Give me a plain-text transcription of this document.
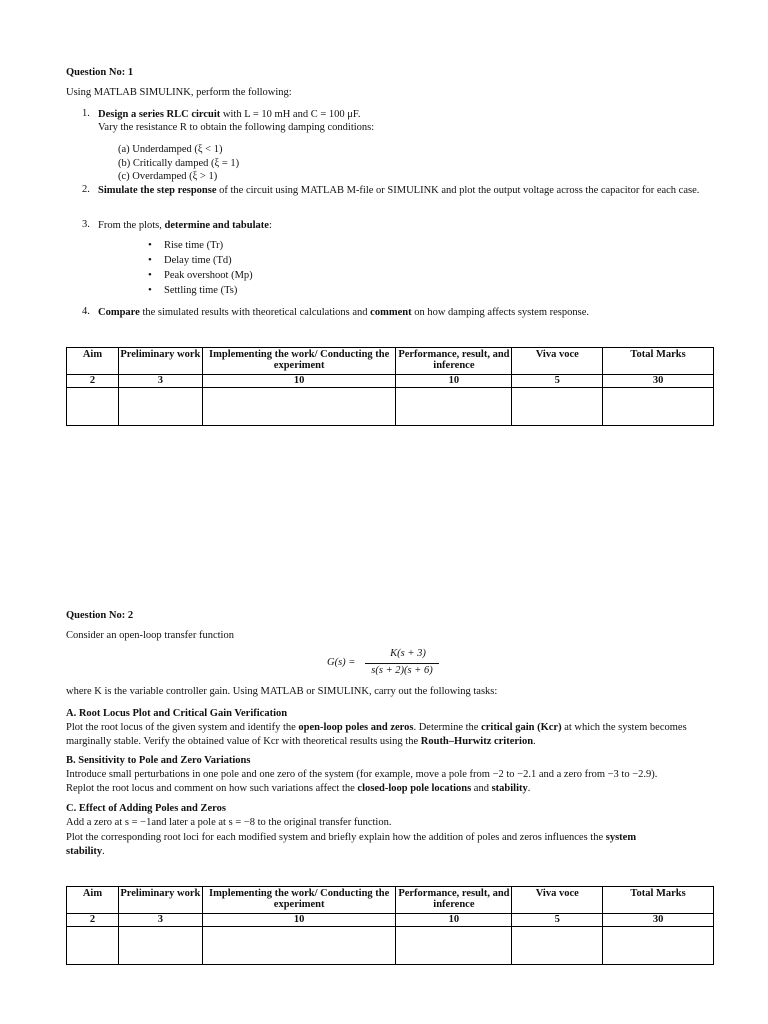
Question No: 1
Using MATLAB SIMULINK, perform the following:
1. Design a series RLC circuit with L = 10 mH and C = 100 μF.
Vary the resistance R to obtain the following damping conditions:
2. Simulate the step response of the circuit using MATLAB M-file or SIMULINK and plot the output voltage across the capacitor for each case.
3. From the plots, determine and tabulate:
4. Compare the simulated results with theoretical calculations and comment on how damping affects system response.
(a) Underdamped (ξ < 1)
(b) Critically damped (ξ = 1)
(c) Overdamped (ξ > 1)
• Rise time (Tr)
• Delay time (Td)
• Peak overshoot (Mp)
• Settling time (Ts)
Aim	Preliminary work	Implementing the work/ Conducting the experiment	Performance, result, and inference	Viva voce	Total Marks
2	3	10	10	5	30

Question No: 2
Consider an open-loop transfer function
G(s) =
K(s + 3)
s(s + 2)(s + 6)
where K is the variable controller gain. Using MATLAB or SIMULINK, carry out the following tasks:
A. Root Locus Plot and Critical Gain Verification
Plot the root locus of the given system and identify the open-loop poles and zeros. Determine the critical gain (Kcr) at which the system becomes marginally stable. Verify the obtained value of Kcr with theoretical results using the Routh–Hurwitz criterion.
B. Sensitivity to Pole and Zero Variations
Introduce small perturbations in one pole and one zero of the system (for example, move a pole from −2 to −2.1 and a zero from −3 to −2.9).
Replot the root locus and comment on how such variations affect the closed-loop pole locations and stability.
C. Effect of Adding Poles and Zeros
Add a zero at s = −1and later a pole at s = −8 to the original transfer function.
Plot the corresponding root loci for each modified system and briefly explain how the addition of poles and zeros influences the system stability.
Aim	Preliminary work	Implementing the work/ Conducting the experiment	Performance, result, and inference	Viva voce	Total Marks
2	3	10	10	5	30
